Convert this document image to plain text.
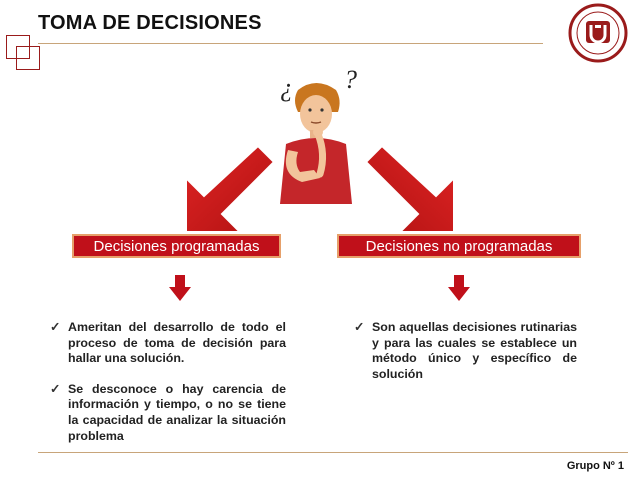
TOMA DE DECISIONES
¿ ?
Decisiones programadas	Decisiones no programadas
✓ Ameritan del desarrollo de todo el proceso de toma de decisión para hallar una solución.
✓ Se desconoce o hay carencia de información y tiempo, o no se tiene la capacidad de analizar la situación problema
✓ Son aquellas decisiones rutinarias y para las cuales se establece un método único y específico de solución
Grupo Nº 1
